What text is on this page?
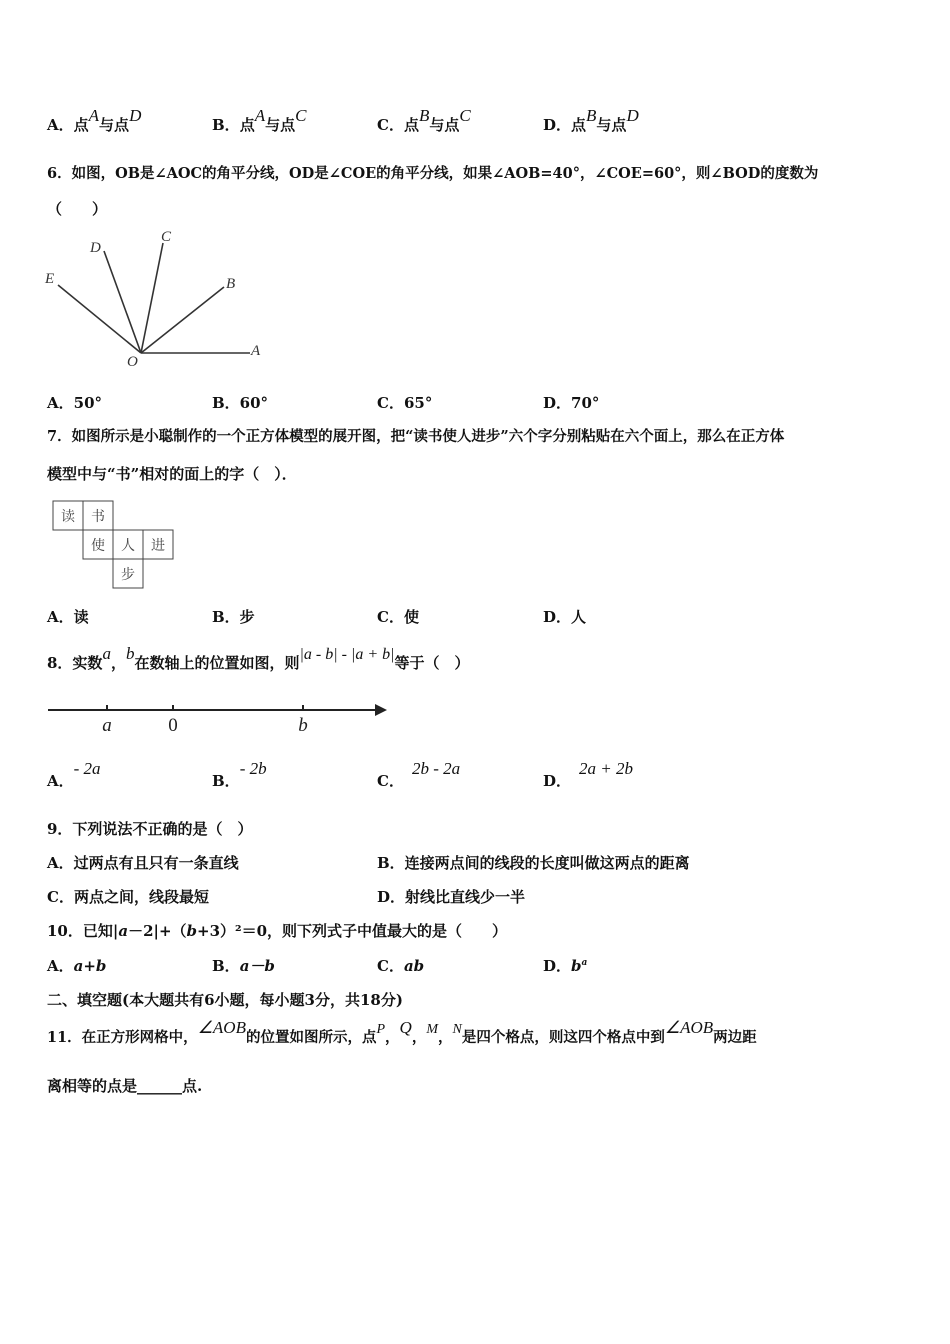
A．点A与点D	B．点A与点C	C．点B与点C	D．点B与点D
6．如图，OB是∠AOC的角平分线，OD是∠COE的角平分线，如果∠AOB=40°，∠COE=60°，则∠BOD的度数为
（　　）
E
D
C
B
O
A
A．50°	B．60°	C．65°	D．70°
7．如图所示是小聪制作的一个正方体模型的展开图，把“读书使人进步”六个字分别粘贴在六个面上，那么在正方体
模型中与“书”相对的面上的字（　）．
读 书
使 人 进
步
A．读	B．步	C．使	D．人
8．实数a，b在数轴上的位置如图，则|a - b| - |a + b|等于（　）
a	0	b
A．- 2a
B．- 2b
C．2b - 2a
D．2a + 2b
9．下列说法不正确的是（　）
A．过两点有且只有一条直线	B．连接两点间的线段的长度叫做这两点的距离
C．两点之间，线段最短	D．射线比直线少一半
10．已知|a－2|+（b+3）²＝0，则下列式子中值最大的是（　　）
A．a+b	B．a－b	C．ab	D．$b^a$
二、填空题(本大题共有6小题，每小题3分，共18分)
11．在正方形网格中，∠AOB的位置如图所示，点P，Q，M，N是四个格点，则这四个格点中到∠AOB两边距
离相等的点是______点.
